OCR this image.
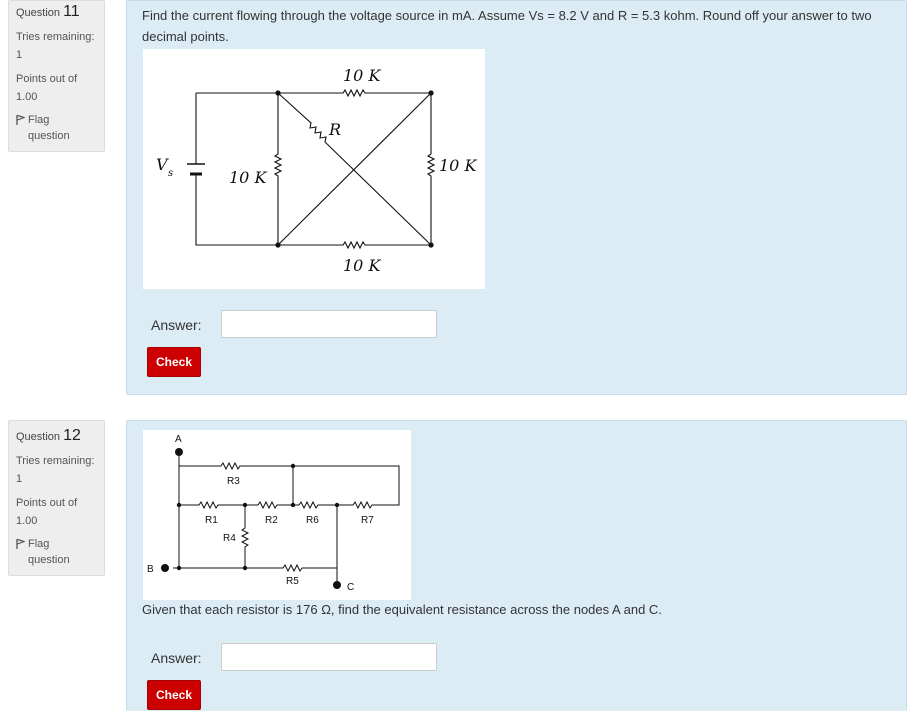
Question 11
Tries remaining:
1
Points out of
1.00
Flag question
Find the current flowing through the voltage source in mA. Assume Vs = 8.2 V and R = 5.3 kohm. Round off your answer to two decimal points.
10 K
R
10 K
10 K
10 K
V s
Answer:
Check
Question 12
Tries remaining:
1
Points out of
1.00
Flag question
A
B
C
R3
R1	R2	R6	R7
R4
R5
Given that each resistor is 176 Ω, find the equivalent resistance across the nodes A and C.
Answer:
Check
